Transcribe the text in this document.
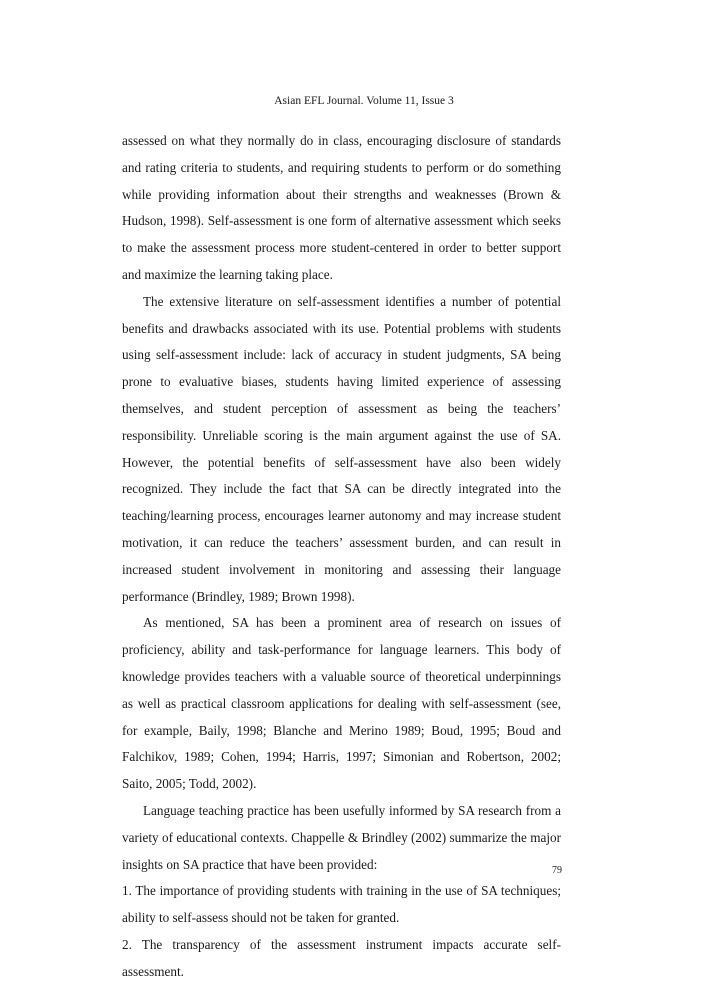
Asian EFL Journal. Volume 11, Issue 3

assessed on what they normally do in class, encouraging disclosure of standards and rating criteria to students, and requiring students to perform or do something while providing information about their strengths and weaknesses (Brown & Hudson, 1998). Self-assessment is one form of alternative assessment which seeks to make the assessment process more student-centered in order to better support and maximize the learning taking place.

The extensive literature on self-assessment identifies a number of potential benefits and drawbacks associated with its use. Potential problems with students using self-assessment include: lack of accuracy in student judgments, SA being prone to evaluative biases, students having limited experience of assessing themselves, and student perception of assessment as being the teachers’ responsibility. Unreliable scoring is the main argument against the use of SA. However, the potential benefits of self-assessment have also been widely recognized. They include the fact that SA can be directly integrated into the teaching/learning process, encourages learner autonomy and may increase student motivation, it can reduce the teachers’ assessment burden, and can result in increased student involvement in monitoring and assessing their language performance (Brindley, 1989; Brown 1998).

As mentioned, SA has been a prominent area of research on issues of proficiency, ability and task-performance for language learners. This body of knowledge provides teachers with a valuable source of theoretical underpinnings as well as practical classroom applications for dealing with self-assessment (see, for example, Baily, 1998; Blanche and Merino 1989; Boud, 1995; Boud and Falchikov, 1989; Cohen, 1994; Harris, 1997; Simonian and Robertson, 2002; Saito, 2005; Todd, 2002).

Language teaching practice has been usefully informed by SA research from a variety of educational contexts. Chappelle & Brindley (2002) summarize the major insights on SA practice that have been provided:

1. The importance of providing students with training in the use of SA techniques; ability to self-assess should not be taken for granted.

2. The transparency of the assessment instrument impacts accurate self-assessment.

79
